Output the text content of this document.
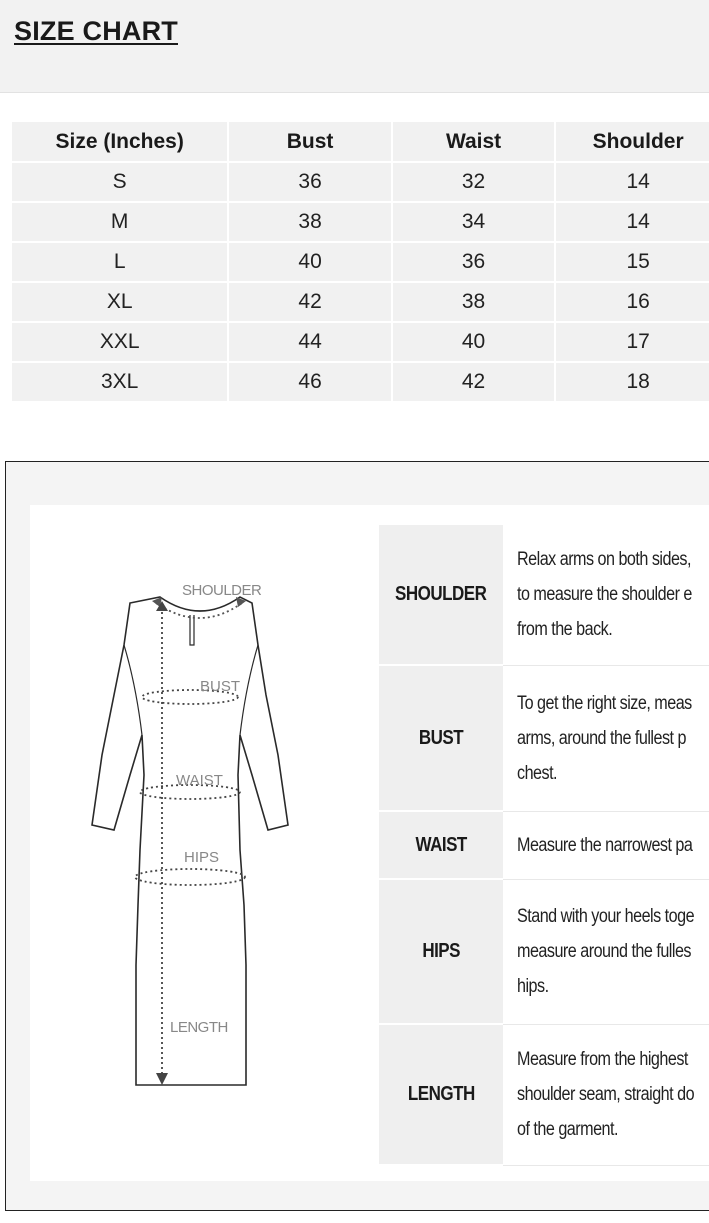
SIZE CHART
Size (Inches)	Bust	Waist	Shoulder
S	36	32	14
M	38	34	14
L	40	36	15
XL	42	38	16
XXL	44	40	17
3XL	46	42	18
SHOULDER
BUST
WAIST
HIPS
LENGTH
SHOULDER	Relax arms on both sides,
to measure the shoulder e
from the back.
BUST	To get the right size, meas
arms, around the fullest p
chest.
WAIST	Measure the narrowest pa
HIPS	Stand with your heels toge
measure around the fulles
hips.
LENGTH	Measure from the highest
shoulder seam, straight do
of the garment.
